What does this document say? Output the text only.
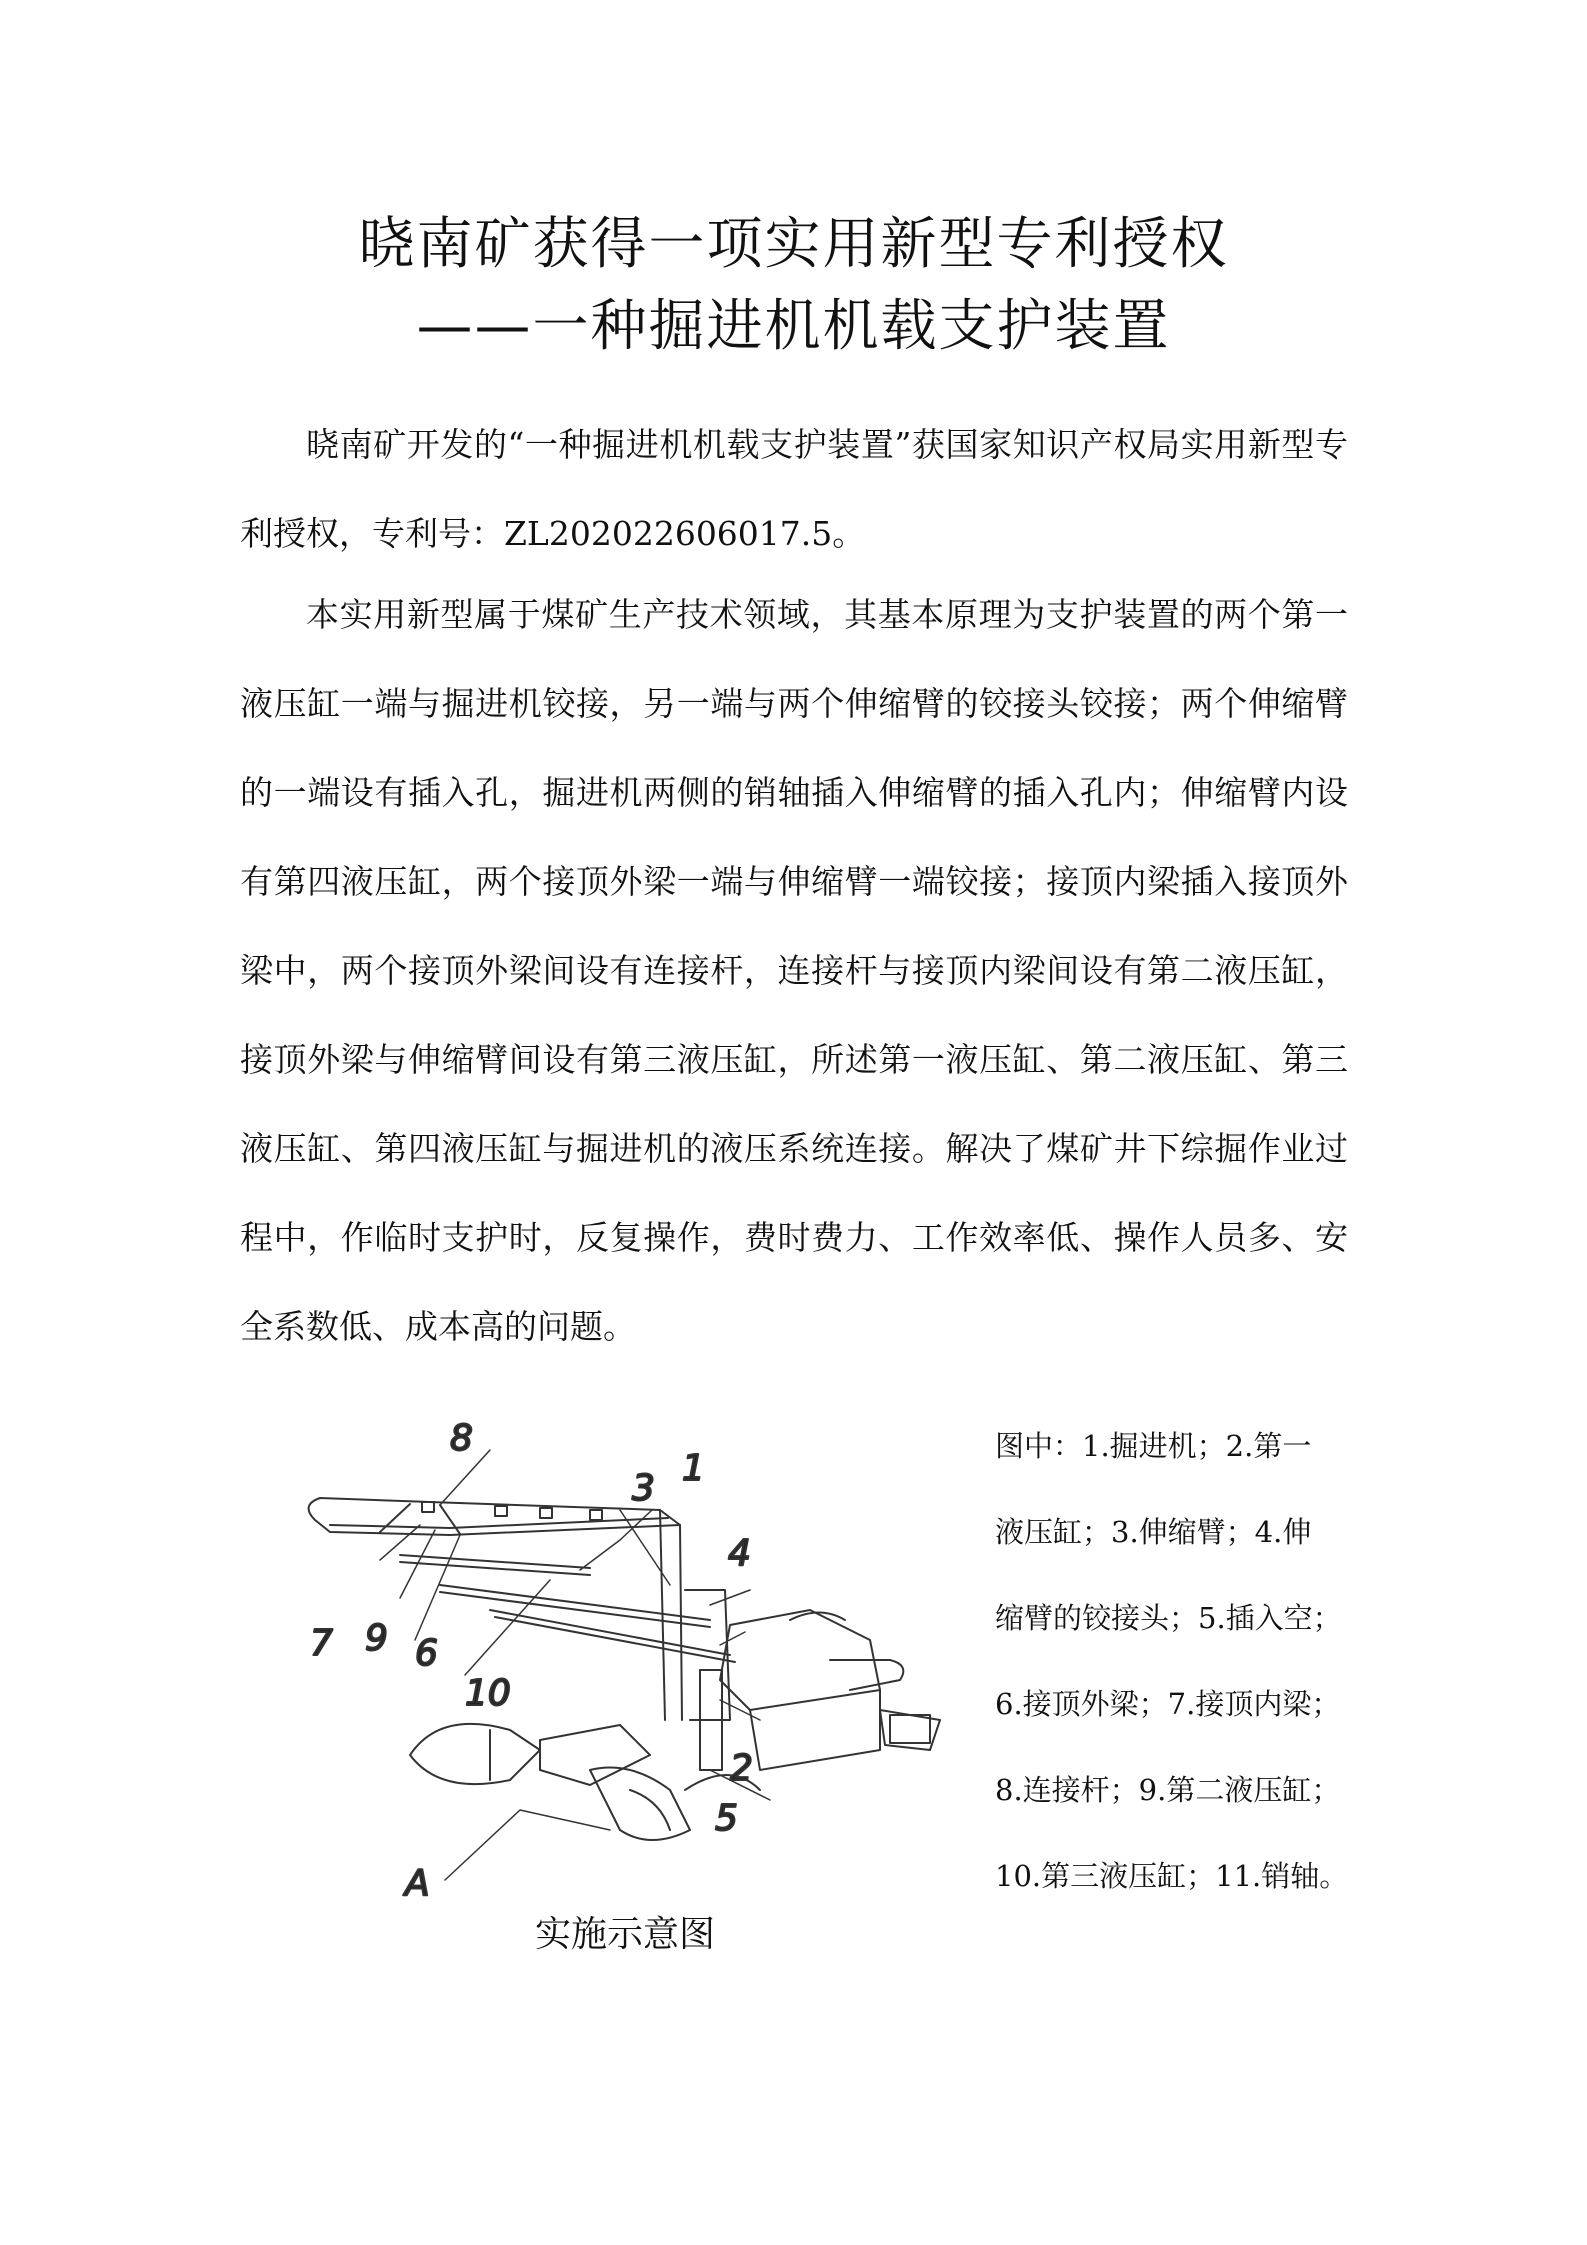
晓南矿获得一项实用新型专利授权
——一种掘进机机载支护装置

晓南矿开发的“一种掘进机机载支护装置”获国家知识产权局实用新型专利授权，专利号：ZL202022606017.5。

本实用新型属于煤矿生产技术领域，其基本原理为支护装置的两个第一液压缸一端与掘进机铰接，另一端与两个伸缩臂的铰接头铰接；两个伸缩臂的一端设有插入孔，掘进机两侧的销轴插入伸缩臂的插入孔内；伸缩臂内设有第四液压缸，两个接顶外梁一端与伸缩臂一端铰接；接顶内梁插入接顶外梁中，两个接顶外梁间设有连接杆，连接杆与接顶内梁间设有第二液压缸，接顶外梁与伸缩臂间设有第三液压缸，所述第一液压缸、第二液压缸、第三液压缸、第四液压缸与掘进机的液压系统连接。解决了煤矿井下综掘作业过程中，作临时支护时，反复操作，费时费力、工作效率低、操作人员多、安全系数低、成本高的问题。

8
3 1
4
7 9 6
10
2
5
A
实施示意图
图中：1.掘进机；2.第一
液压缸；3.伸缩臂；4.伸
缩臂的铰接头；5.插入空；
6.接顶外梁；7.接顶内梁；
8.连接杆；9.第二液压缸；
10.第三液压缸；11.销轴。
